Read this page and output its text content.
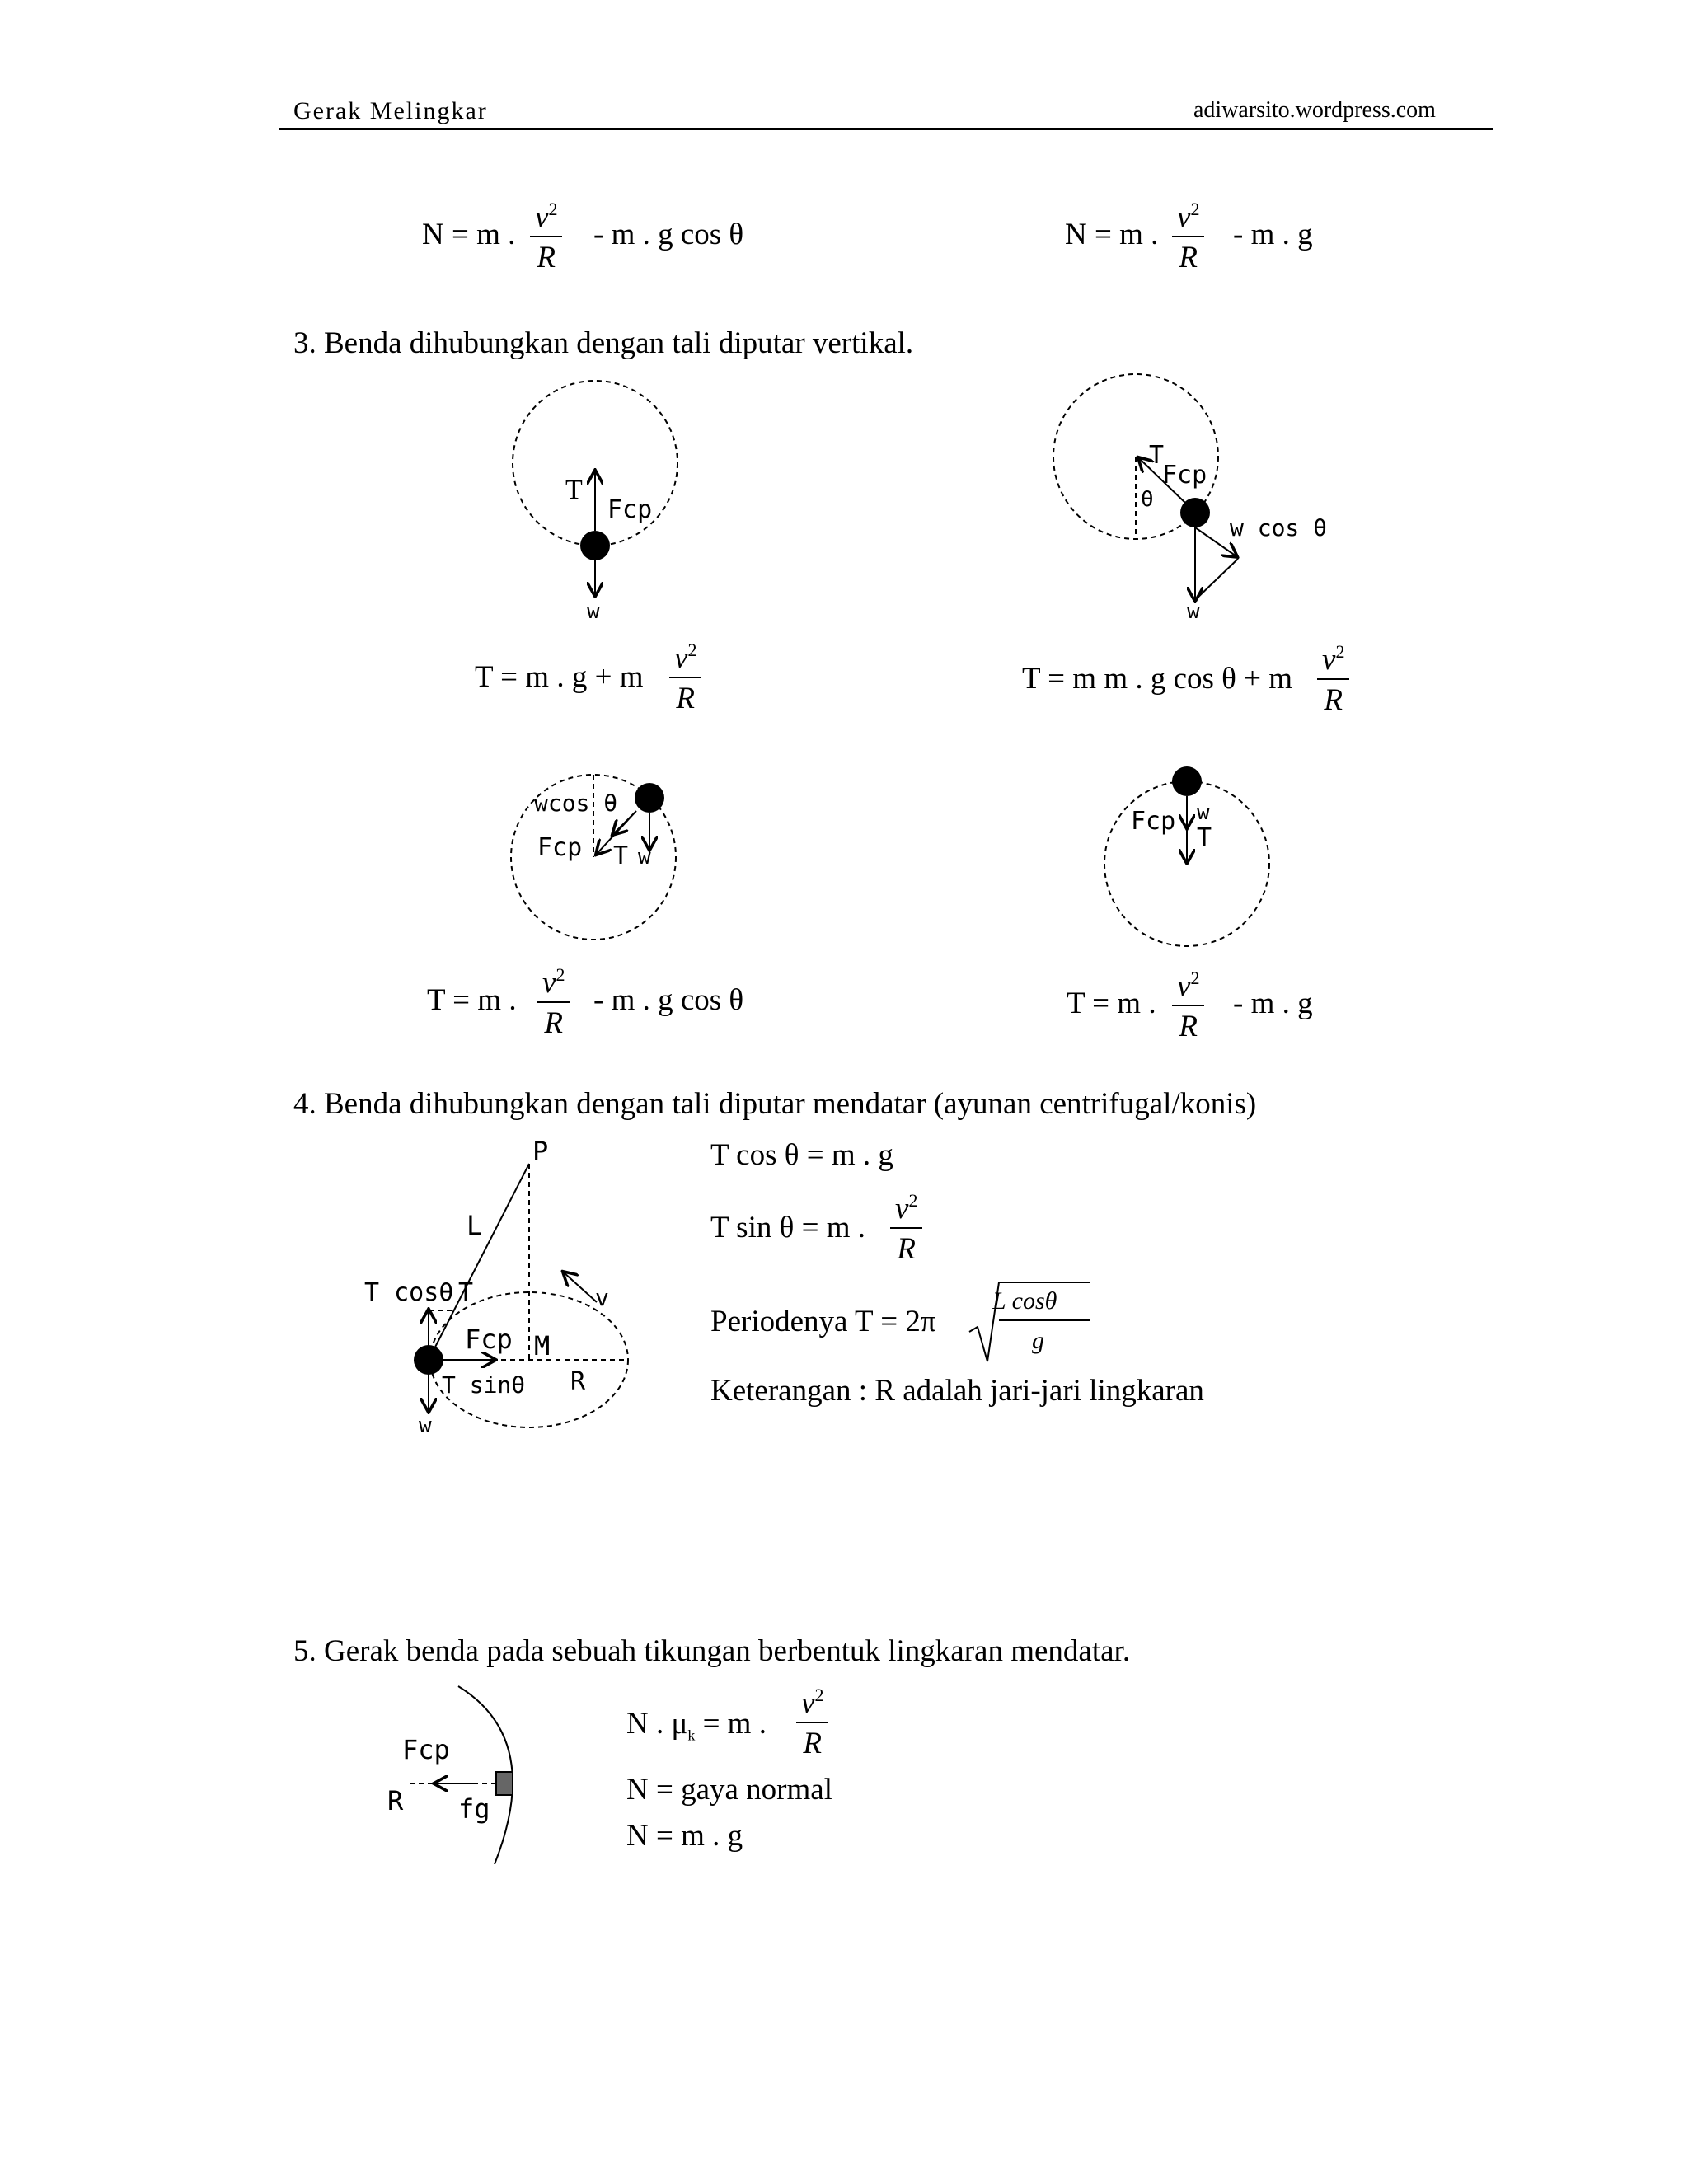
Gerak Melingkar	adiwarsito.wordpress.com
N = m . $\frac{v^2}{R}$ - m . g cos θ	N = m . $\frac{v^2}{R}$ - m . g
3. Benda dihubungkan dengan tali diputar vertikal.
T
Fcp
w
T
Fcp
θ
w cos θ
w
wcos θ
Fcp T w
Fcp w
T
P
L
T cosθ T	v
Fcp M
T sinθ R
w
Fcp
R fg
T = m . g + m $\frac{v^2}{R}$	T = m m . g cos θ + m $\frac{v^2}{R}$
T = m . $\frac{v^2}{R}$ - m . g cos θ	T = m . $\frac{v^2}{R}$ - m . g
4. Benda dihubungkan dengan tali diputar mendatar (ayunan centrifugal/konis)
T cos θ = m . g
T sin θ = m . $\frac{v^2}{R}$
Periodenya T = 2π
L cosθ
g
Keterangan : R adalah jari-jari lingkaran
5. Gerak benda pada sebuah tikungan berbentuk lingkaran mendatar.
N . $\mu_k = m$ . $\frac{v^2}{R}$
N = gaya normal
N = m . g
